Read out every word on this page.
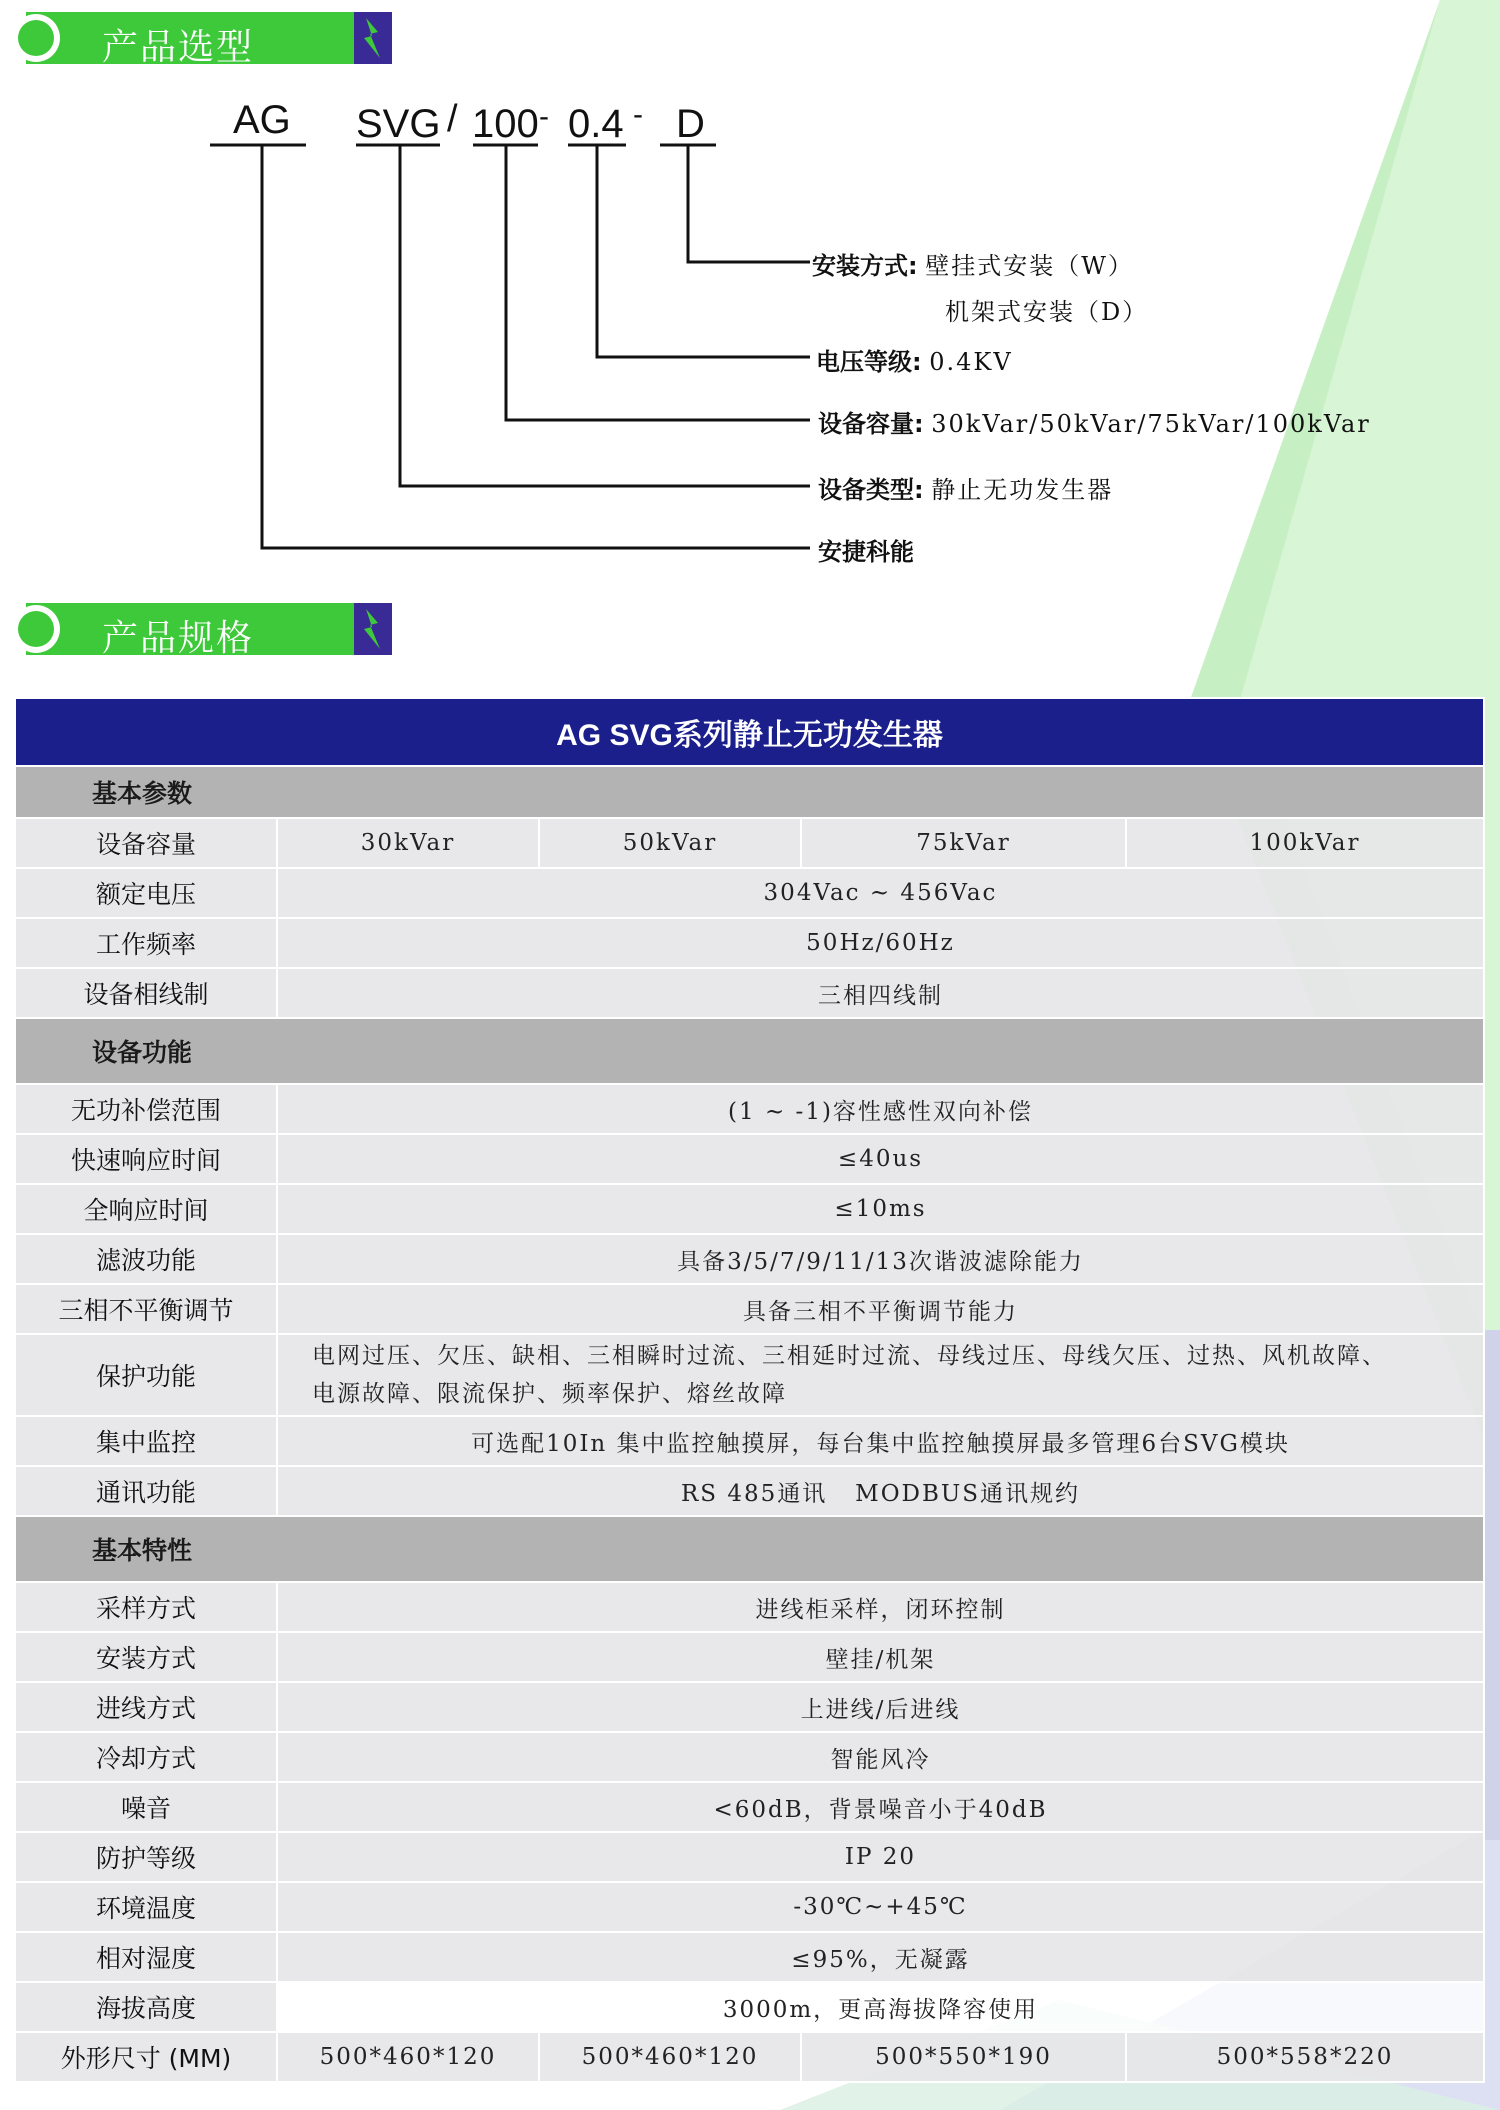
产品选型
AG SVG / 100 - 0.4 - D
安装方式: 壁挂式安装（W）
机架式安装（D）
电压等级: 0.4KV
设备容量: 30kVar/50kVar/75kVar/100kVar
设备类型: 静止无功发生器
安捷科能
产品规格
AG SVG系列静止无功发生器				
基本参数				
设备容量	30kVar	50kVar	75kVar	100kVar
额定电压	304Vac ~ 456Vac			
工作频率	50Hz/60Hz			
设备相线制	三相四线制			
设备功能				
无功补偿范围	(1 ~ -1)容性感性双向补偿			
快速响应时间	≤40us			
全响应时间	≤10ms			
滤波功能	具备3/5/7/9/11/13次谐波滤除能力			
三相不平衡调节	具备三相不平衡调节能力			
保护功能	电网过压、欠压、缺相、三相瞬时过流、三相延时过流、母线过压、母线欠压、过热、风机故障、
电源故障、限流保护、频率保护、熔丝故障			

集中监控	可选配10In 集中监控触摸屏，每台集中监控触摸屏最多管理6台SVG模块			
通讯功能	RS 485通讯   MODBUS通讯规约			
基本特性				
采样方式	进线柜采样，闭环控制			
安装方式	壁挂/机架			
进线方式	上进线/后进线			
冷却方式	智能风冷			
噪音	<60dB，背景噪音小于40dB			
防护等级	IP 20			
环境温度	-30℃~+45℃			
相对湿度	≤95%，无凝露			
海拔高度	3000m，更高海拔降容使用			
外形尺寸 (MM)	500*460*120	500*460*120	500*550*190	500*558*220
